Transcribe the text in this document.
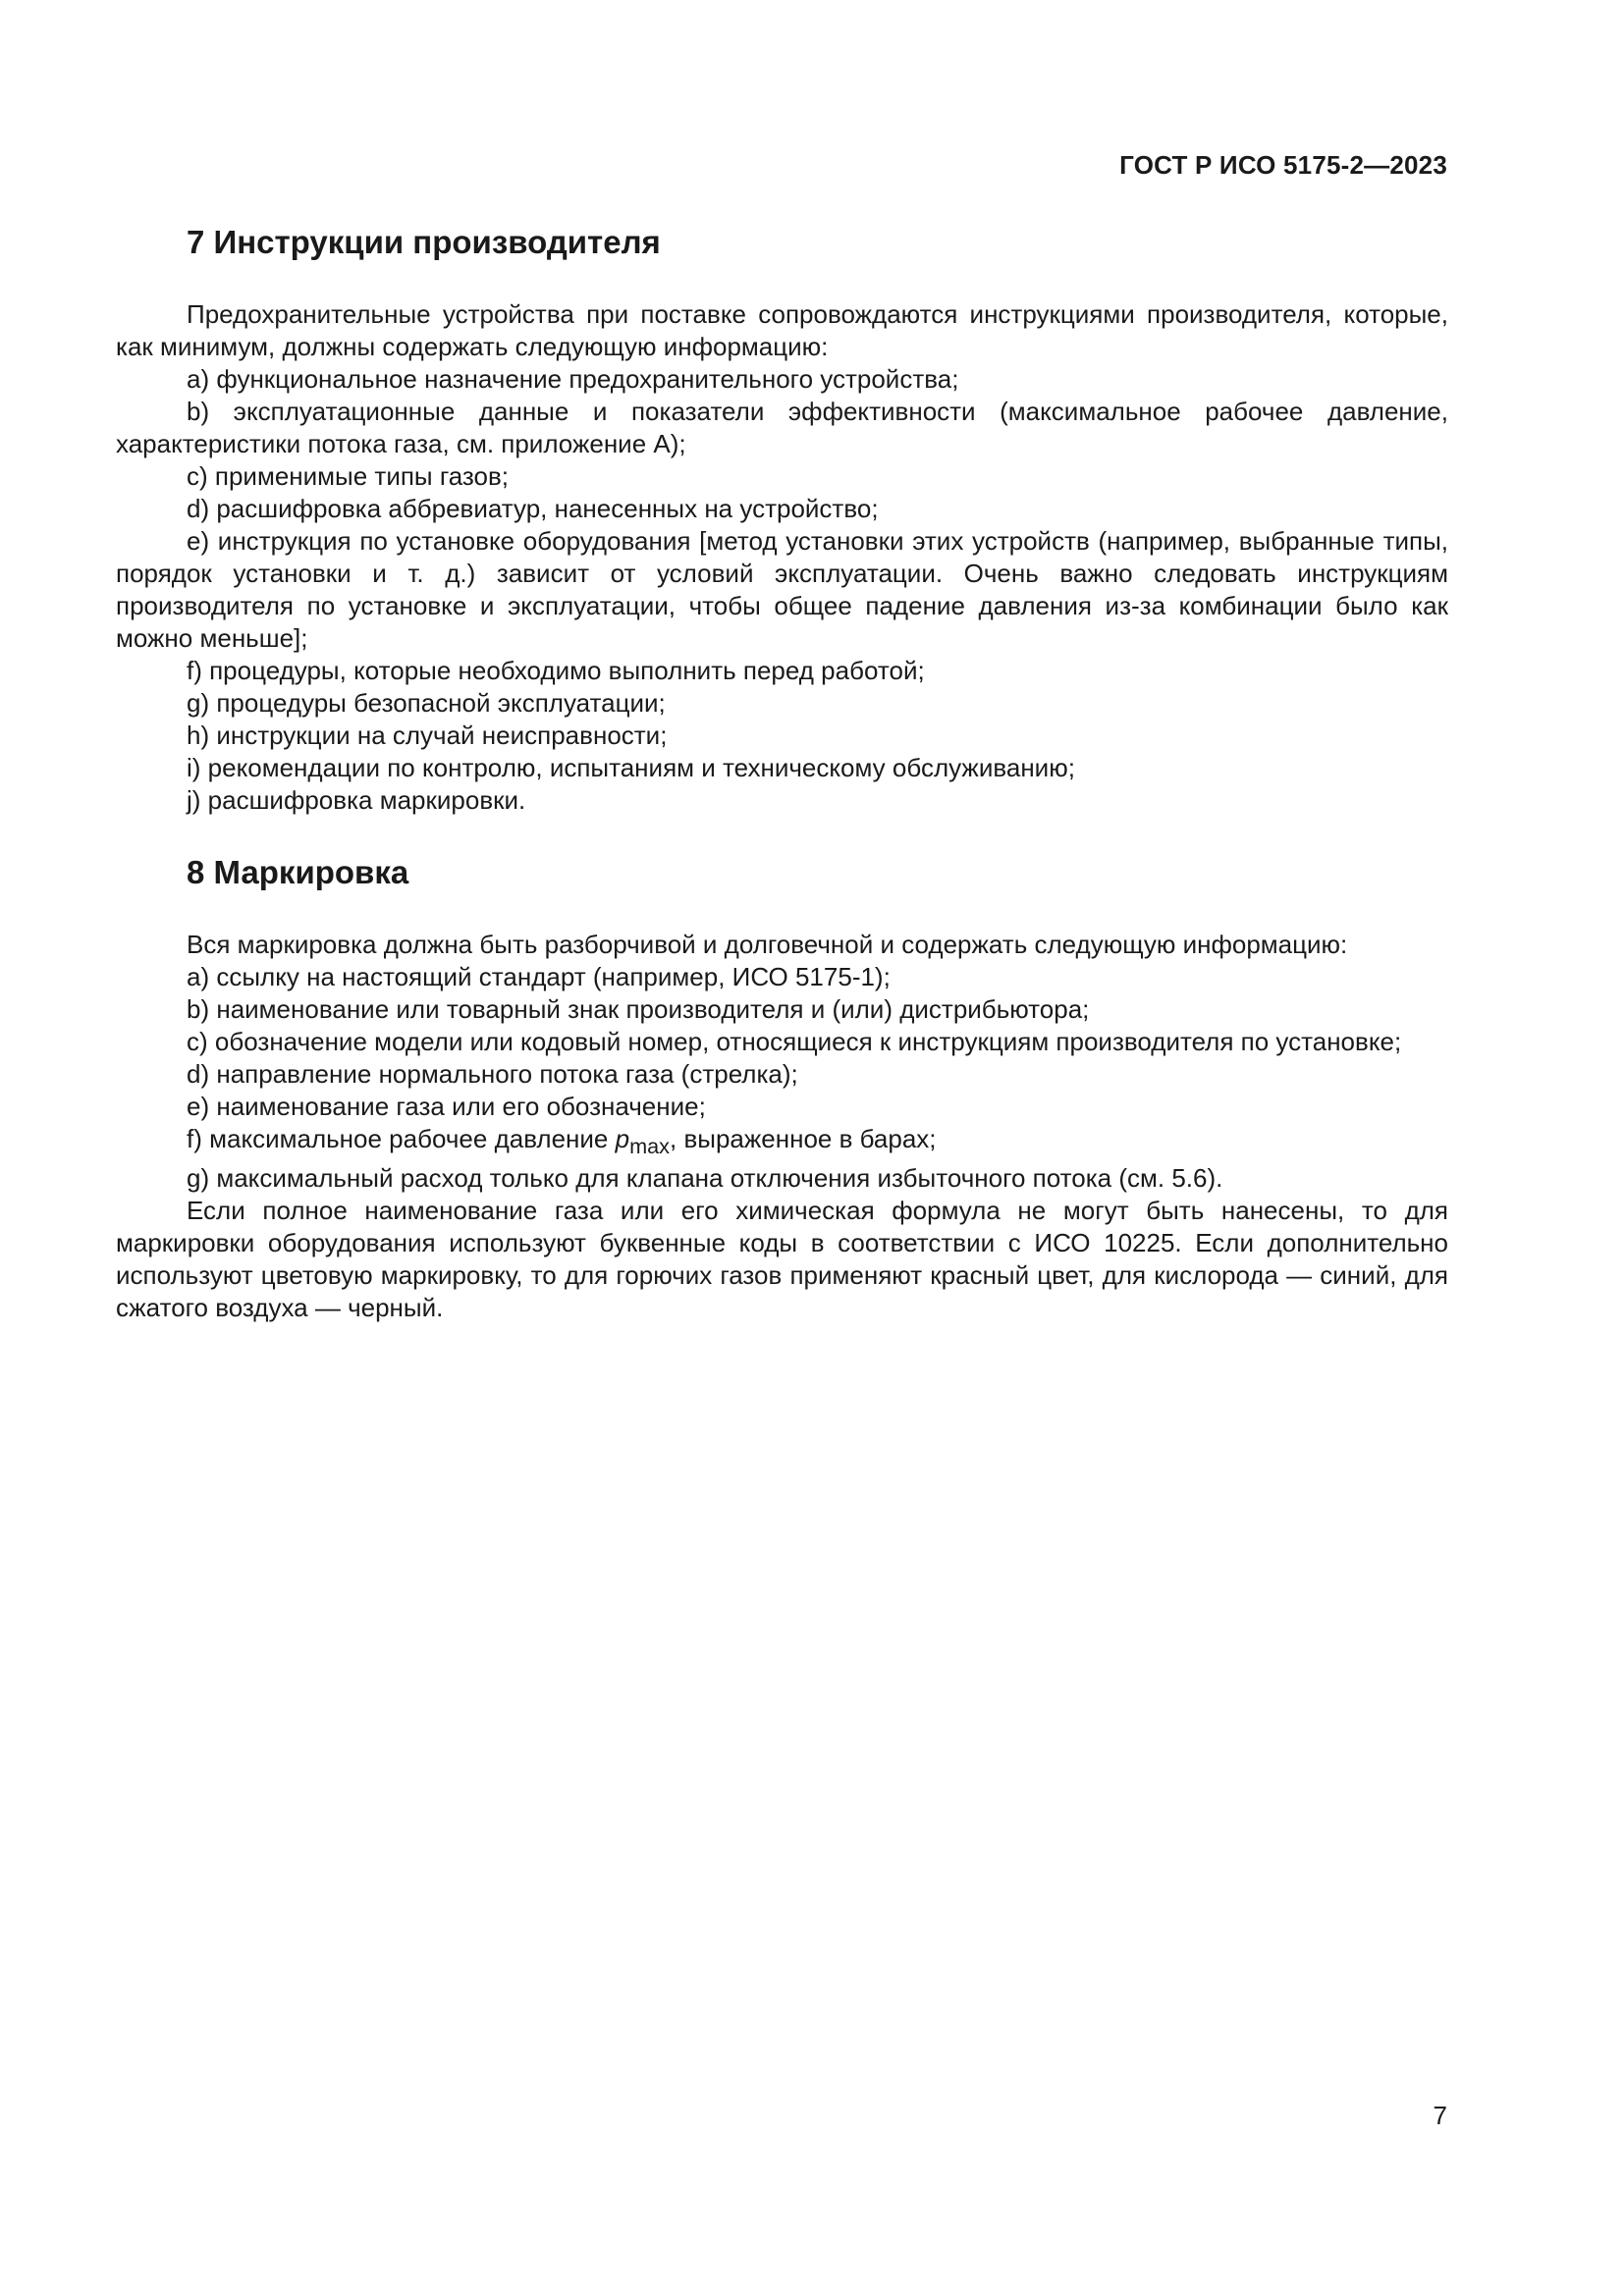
ГОСТ Р ИСО 5175-2—2023
7 Инструкции производителя

Предохранительные устройства при поставке сопровождаются инструкциями производителя, которые, как минимум, должны содержать следующую информацию:

a) функциональное назначение предохранительного устройства;

b) эксплуатационные данные и показатели эффективности (максимальное рабочее давление, характеристики потока газа, см. приложение А);

c) применимые типы газов;

d) расшифровка аббревиатур, нанесенных на устройство;

e) инструкция по установке оборудования [метод установки этих устройств (например, выбранные типы, порядок установки и т. д.) зависит от условий эксплуатации. Очень важно следовать инструкциям производителя по установке и эксплуатации, чтобы общее падение давления из-за комбинации было как можно меньше];

f) процедуры, которые необходимо выполнить перед работой;

g) процедуры безопасной эксплуатации;

h) инструкции на случай неисправности;

i) рекомендации по контролю, испытаниям и техническому обслуживанию;

j) расшифровка маркировки.

8 Маркировка

Вся маркировка должна быть разборчивой и долговечной и содержать следующую информацию:

a) ссылку на настоящий стандарт (например, ИСО 5175-1);

b) наименование или товарный знак производителя и (или) дистрибьютора;

c) обозначение модели или кодовый номер, относящиеся к инструкциям производителя по установке;

d) направление нормального потока газа (стрелка);

e) наименование газа или его обозначение;

f) максимальное рабочее давление $p_{max}$, выраженное в барах;

g) максимальный расход только для клапана отключения избыточного потока (см. 5.6).

Если полное наименование газа или его химическая формула не могут быть нанесены, то для маркировки оборудования используют буквенные коды в соответствии с ИСО 10225. Если дополнительно используют цветовую маркировку, то для горючих газов применяют красный цвет, для кислорода — синий, для сжатого воздуха — черный.

7
